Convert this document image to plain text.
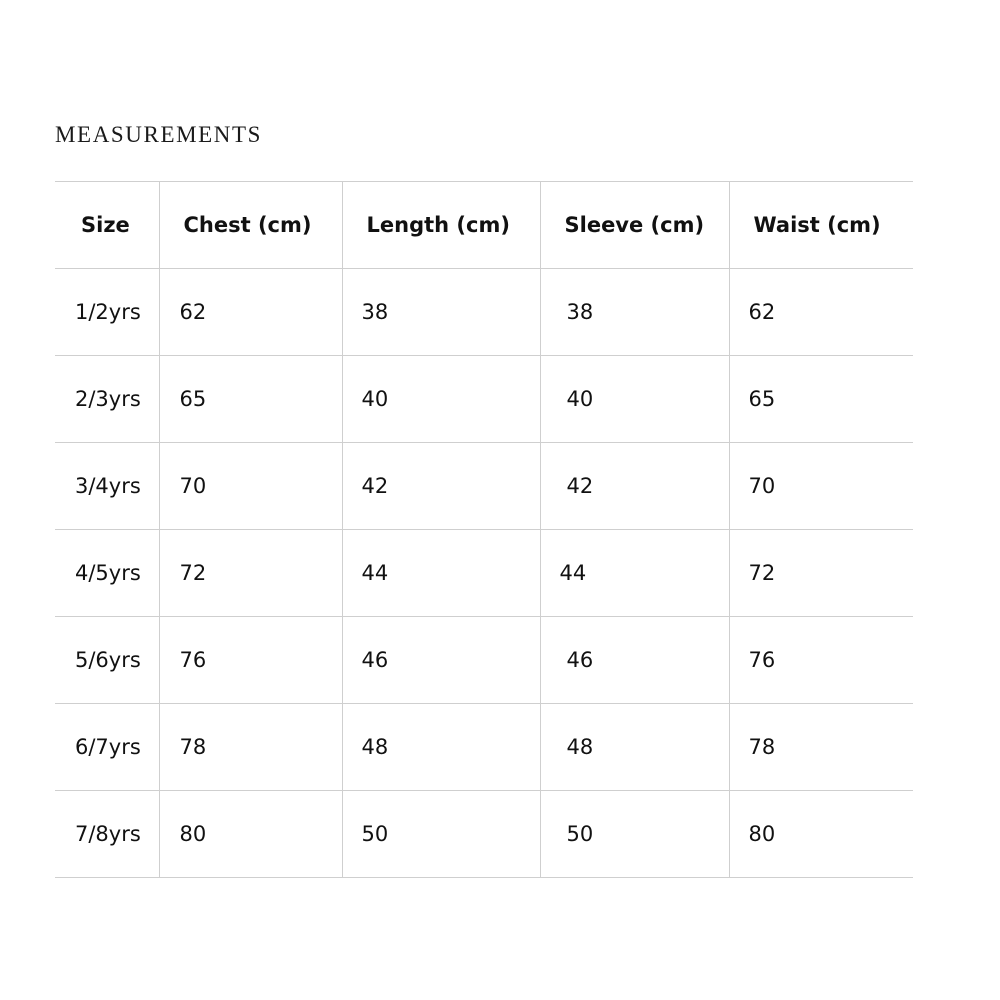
MEASUREMENTS
Size	Chest (cm)	Length (cm)	Sleeve (cm)	Waist (cm)
1/2yrs	62	38	38	62
2/3yrs	65	40	40	65
3/4yrs	70	42	42	70
4/5yrs	72	44	44	72
5/6yrs	76	46	46	76
6/7yrs	78	48	48	78
7/8yrs	80	50	50	80
